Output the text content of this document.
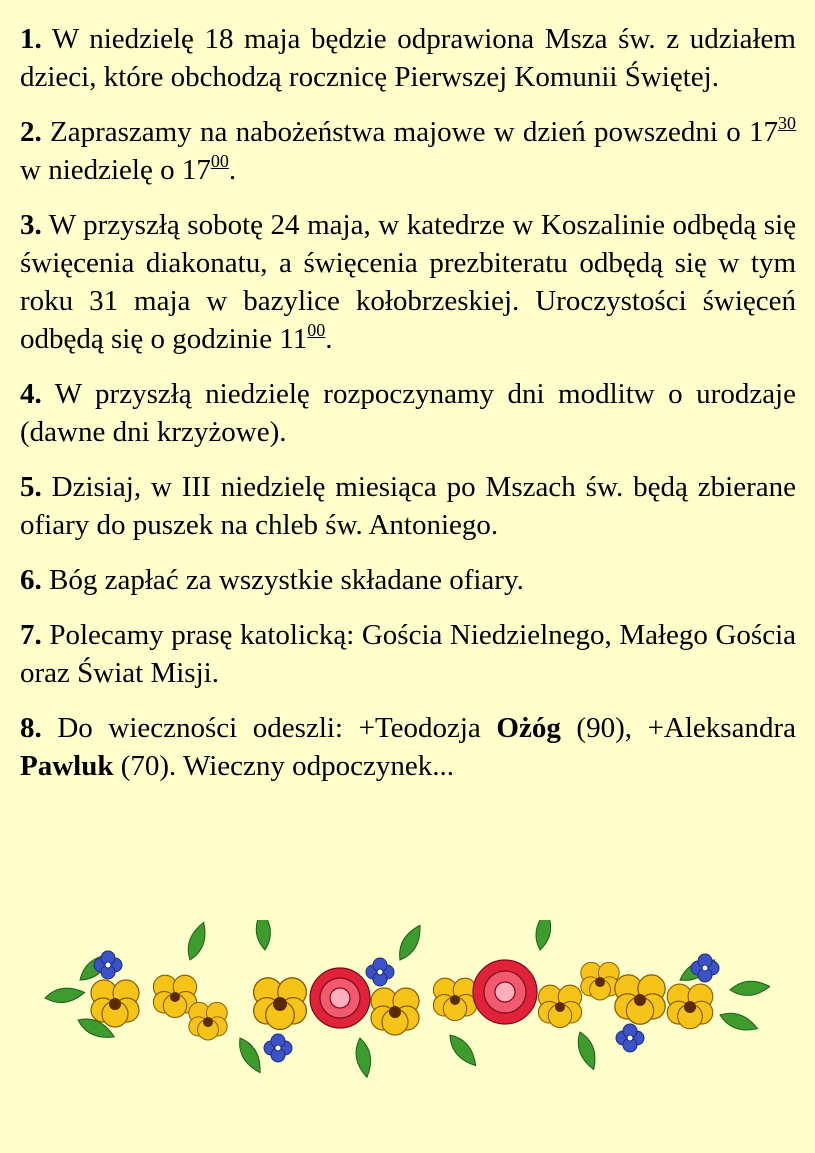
1. W niedzielę 18 maja będzie odprawiona Msza św. z udziałem dzieci, które obchodzą rocznicę Pierwszej Komunii Świętej.

2. Zapraszamy na nabożeństwa majowe w dzień powszedni o $17^{30}$ w niedzielę o $17^{00}$.

3. W przyszłą sobotę 24 maja, w katedrze w Koszalinie odbędą się święcenia diakonatu, a święcenia prezbiteratu odbędą się w tym roku 31 maja w bazylice kołobrzeskiej. Uroczystości święceń odbędą się o godzinie $11^{00}$.

4. W przyszłą niedzielę rozpoczynamy dni modlitw o urodzaje (dawne dni krzyżowe).

5. Dzisiaj, w III niedzielę miesiąca po Mszach św. będą zbierane ofiary do puszek na chleb św. Antoniego.

6. Bóg zapłać za wszystkie składane ofiary.

7. Polecamy prasę katolicką: Gościa Niedzielnego, Małego Gościa oraz Świat Misji.

8. Do wieczności odeszli: +Teodozja Ożóg (90), +Aleksandra Pawluk (70). Wieczny odpoczynek...
